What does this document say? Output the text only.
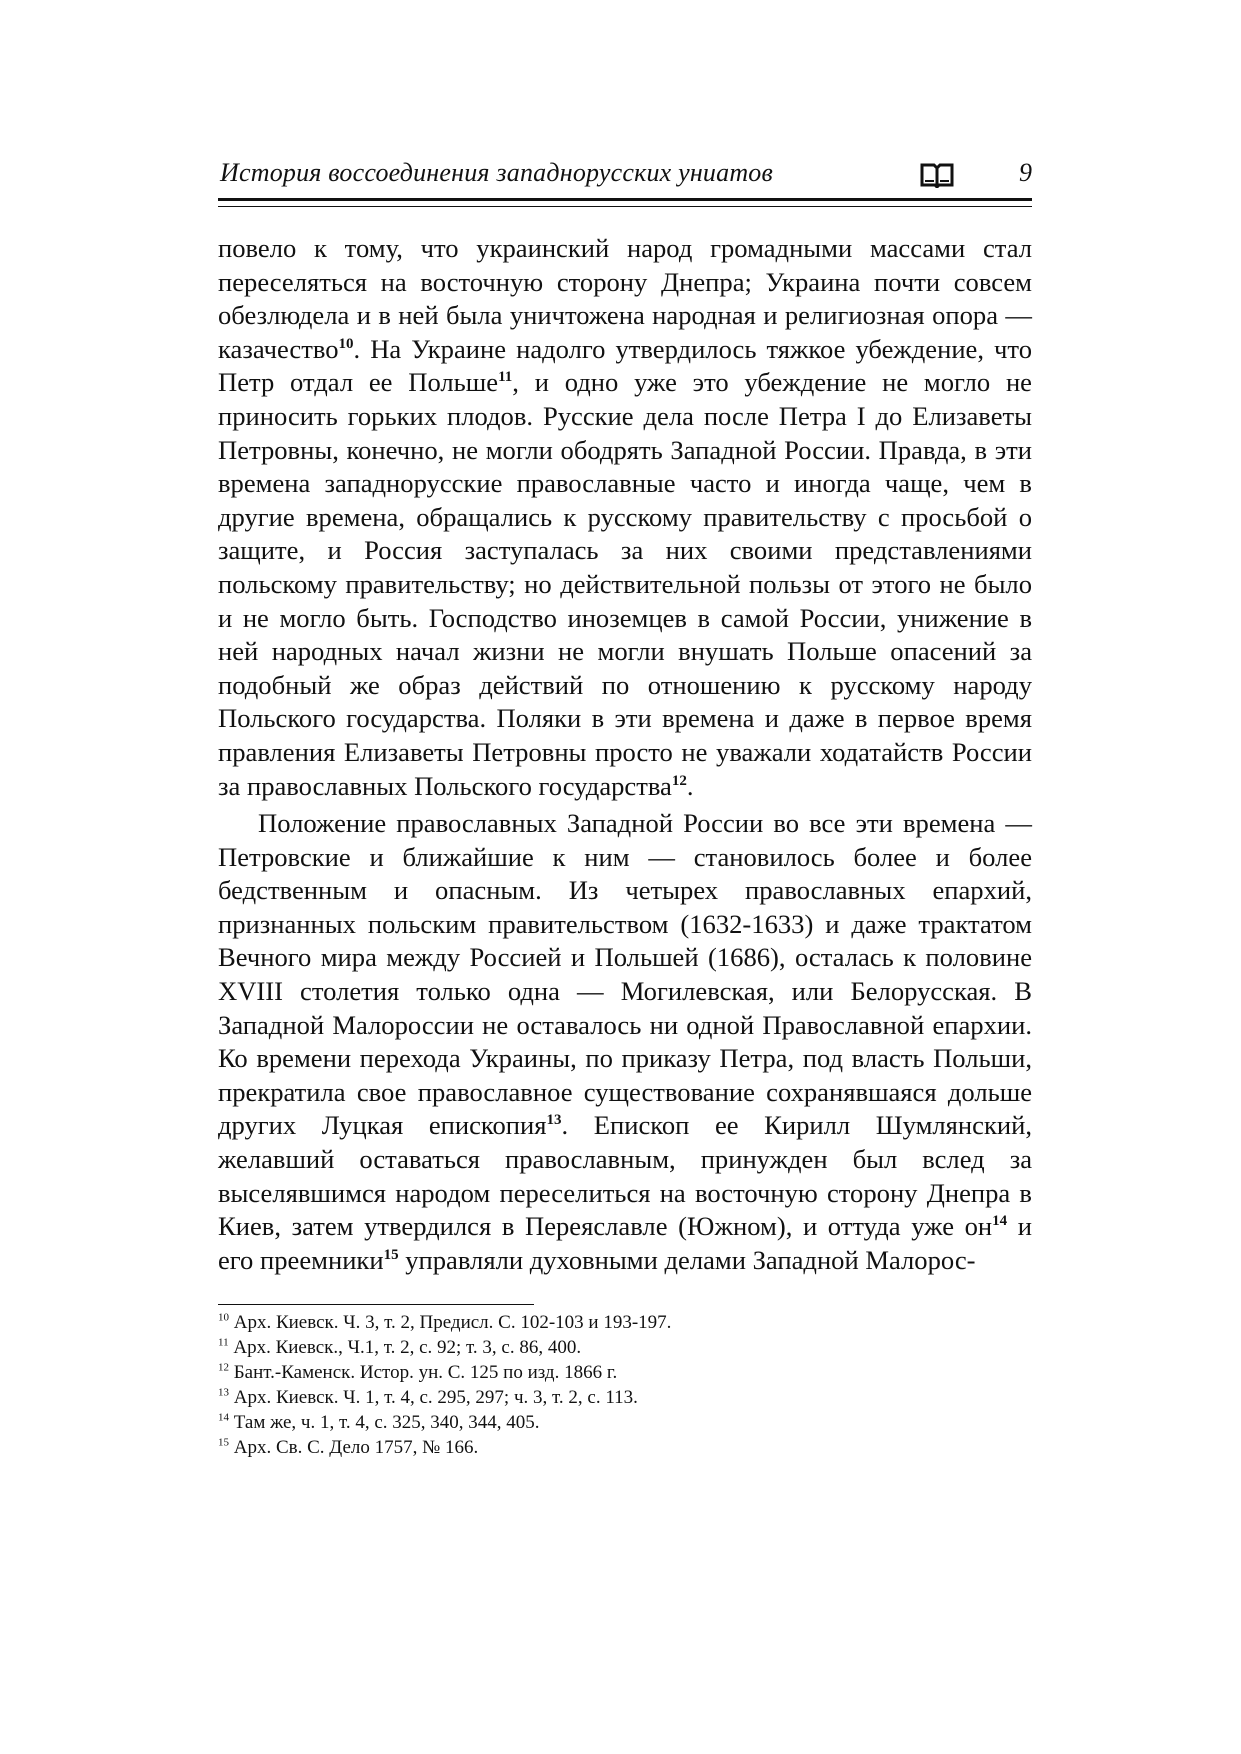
История воссоединения западнорусских униатов	9

повело к тому, что украинский народ громадными массами стал переселяться на восточную сторону Днепра; Украина почти совсем обезлюдела и в ней была уничтожена народная и религиозная опора — казачество$^{10}$. На Украине надолго утвердилось тяжкое убеждение, что Петр отдал ее Польше$^{11}$, и одно уже это убеждение не могло не приносить горьких плодов. Русские дела после Петра I до Елизаветы Петровны, конечно, не могли ободрять Западной России. Правда, в эти времена западнорусские православные часто и иногда чаще, чем в другие времена, обращались к русскому правительству с просьбой о защите, и Россия заступалась за них своими представлениями польскому правительству; но действительной пользы от этого не было и не могло быть. Господство иноземцев в самой России, унижение в ней народных начал жизни не могли внушать Польше опасений за подобный же образ действий по отношению к русскому народу Польского государства. Поляки в эти времена и даже в первое время правления Елизаветы Петровны просто не уважали ходатайств России за православных Польского государства$^{12}$.

Положение православных Западной России во все эти времена — Петровские и ближайшие к ним — становилось более и более бедственным и опасным. Из четырех православных епархий, признанных польским правительством (1632-1633) и даже трактатом Вечного мира между Россией и Польшей (1686), осталась к половине XVIII столетия только одна — Могилевская, или Белорусская. В Западной Малороссии не оставалось ни одной Православной епархии. Ко времени перехода Украины, по приказу Петра, под власть Польши, прекратила свое православное существование сохранявшаяся дольше других Луцкая епископия$^{13}$. Епископ ее Кирилл Шумлянский, желавший оставаться православным, принужден был вслед за выселявшимся народом переселиться на восточную сторону Днепра в Киев, затем утвердился в Переяславле (Южном), и оттуда уже $он^{14}$ и его преемники$^{15}$ управляли духовными делами Западной Малорос-

$^{10}$ Арх. Киевск. Ч. 3, т. 2, Предисл. С. 102-103 и 193-197.
$^{11}$ Арх. Киевск., Ч.1, т. 2, с. 92; т. 3, с. 86, 400.
$^{12}$ Бант.-Каменск. Истор. ун. С. 125 по изд. 1866 г.
$^{13}$ Арх. Киевск. Ч. 1, т. 4, с. 295, 297; ч. 3, т. 2, с. 113.
$^{14}$ Там же, ч. 1, т. 4, с. 325, 340, 344, 405.
$^{15}$ Арх. Св. С. Дело 1757, № 166.
